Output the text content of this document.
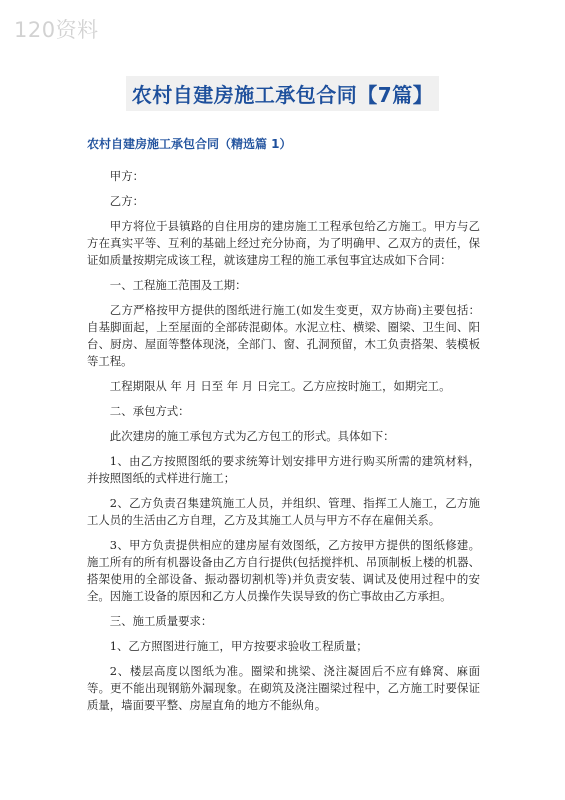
120资料
农村自建房施工承包合同【7篇】
农村自建房施工承包合同（精选篇 1）

甲方：

乙方：

甲方将位于县镇路的自住用房的建房施工工程承包给乙方施工。甲方与乙方在真实平等、互利的基础上经过充分协商，为了明确甲、乙双方的责任，保证如质量按期完成该工程，就该建房工程的施工承包事宜达成如下合同：

一、工程施工范围及工期：

乙方严格按甲方提供的图纸进行施工(如发生变更，双方协商)主要包括：自基脚面起，上至屋面的全部砖混砌体。水泥立柱、横梁、圈梁、卫生间、阳台、厨房、屋面等整体现浇，全部门、窗、孔洞预留，木工负责搭架、装模板等工程。

工程期限从 年 月 日至 年 月 日完工。乙方应按时施工，如期完工。

二、承包方式：

此次建房的施工承包方式为乙方包工的形式。具体如下：

1、由乙方按照图纸的要求统筹计划安排甲方进行购买所需的建筑材料，并按照图纸的式样进行施工；

2、乙方负责召集建筑施工人员，并组织、管理、指挥工人施工，乙方施工人员的生活由乙方自理，乙方及其施工人员与甲方不存在雇佣关系。

3、甲方负责提供相应的建房屋有效图纸，乙方按甲方提供的图纸修建。施工所有的所有机器设备由乙方自行提供(包括搅拌机、吊顶制板上楼的机器、搭架使用的全部设备、振动器切割机等)并负责安装、调试及使用过程中的安全。因施工设备的原因和乙方人员操作失误导致的伤亡事故由乙方承担。

三、施工质量要求：

1、乙方照图进行施工，甲方按要求验收工程质量；

2、楼层高度以图纸为准。圈梁和挑梁、浇注凝固后不应有蜂窝、麻面等。更不能出现钢筋外漏现象。在砌筑及浇注圈梁过程中，乙方施工时要保证质量，墙面要平整、房屋直角的地方不能纵角。
